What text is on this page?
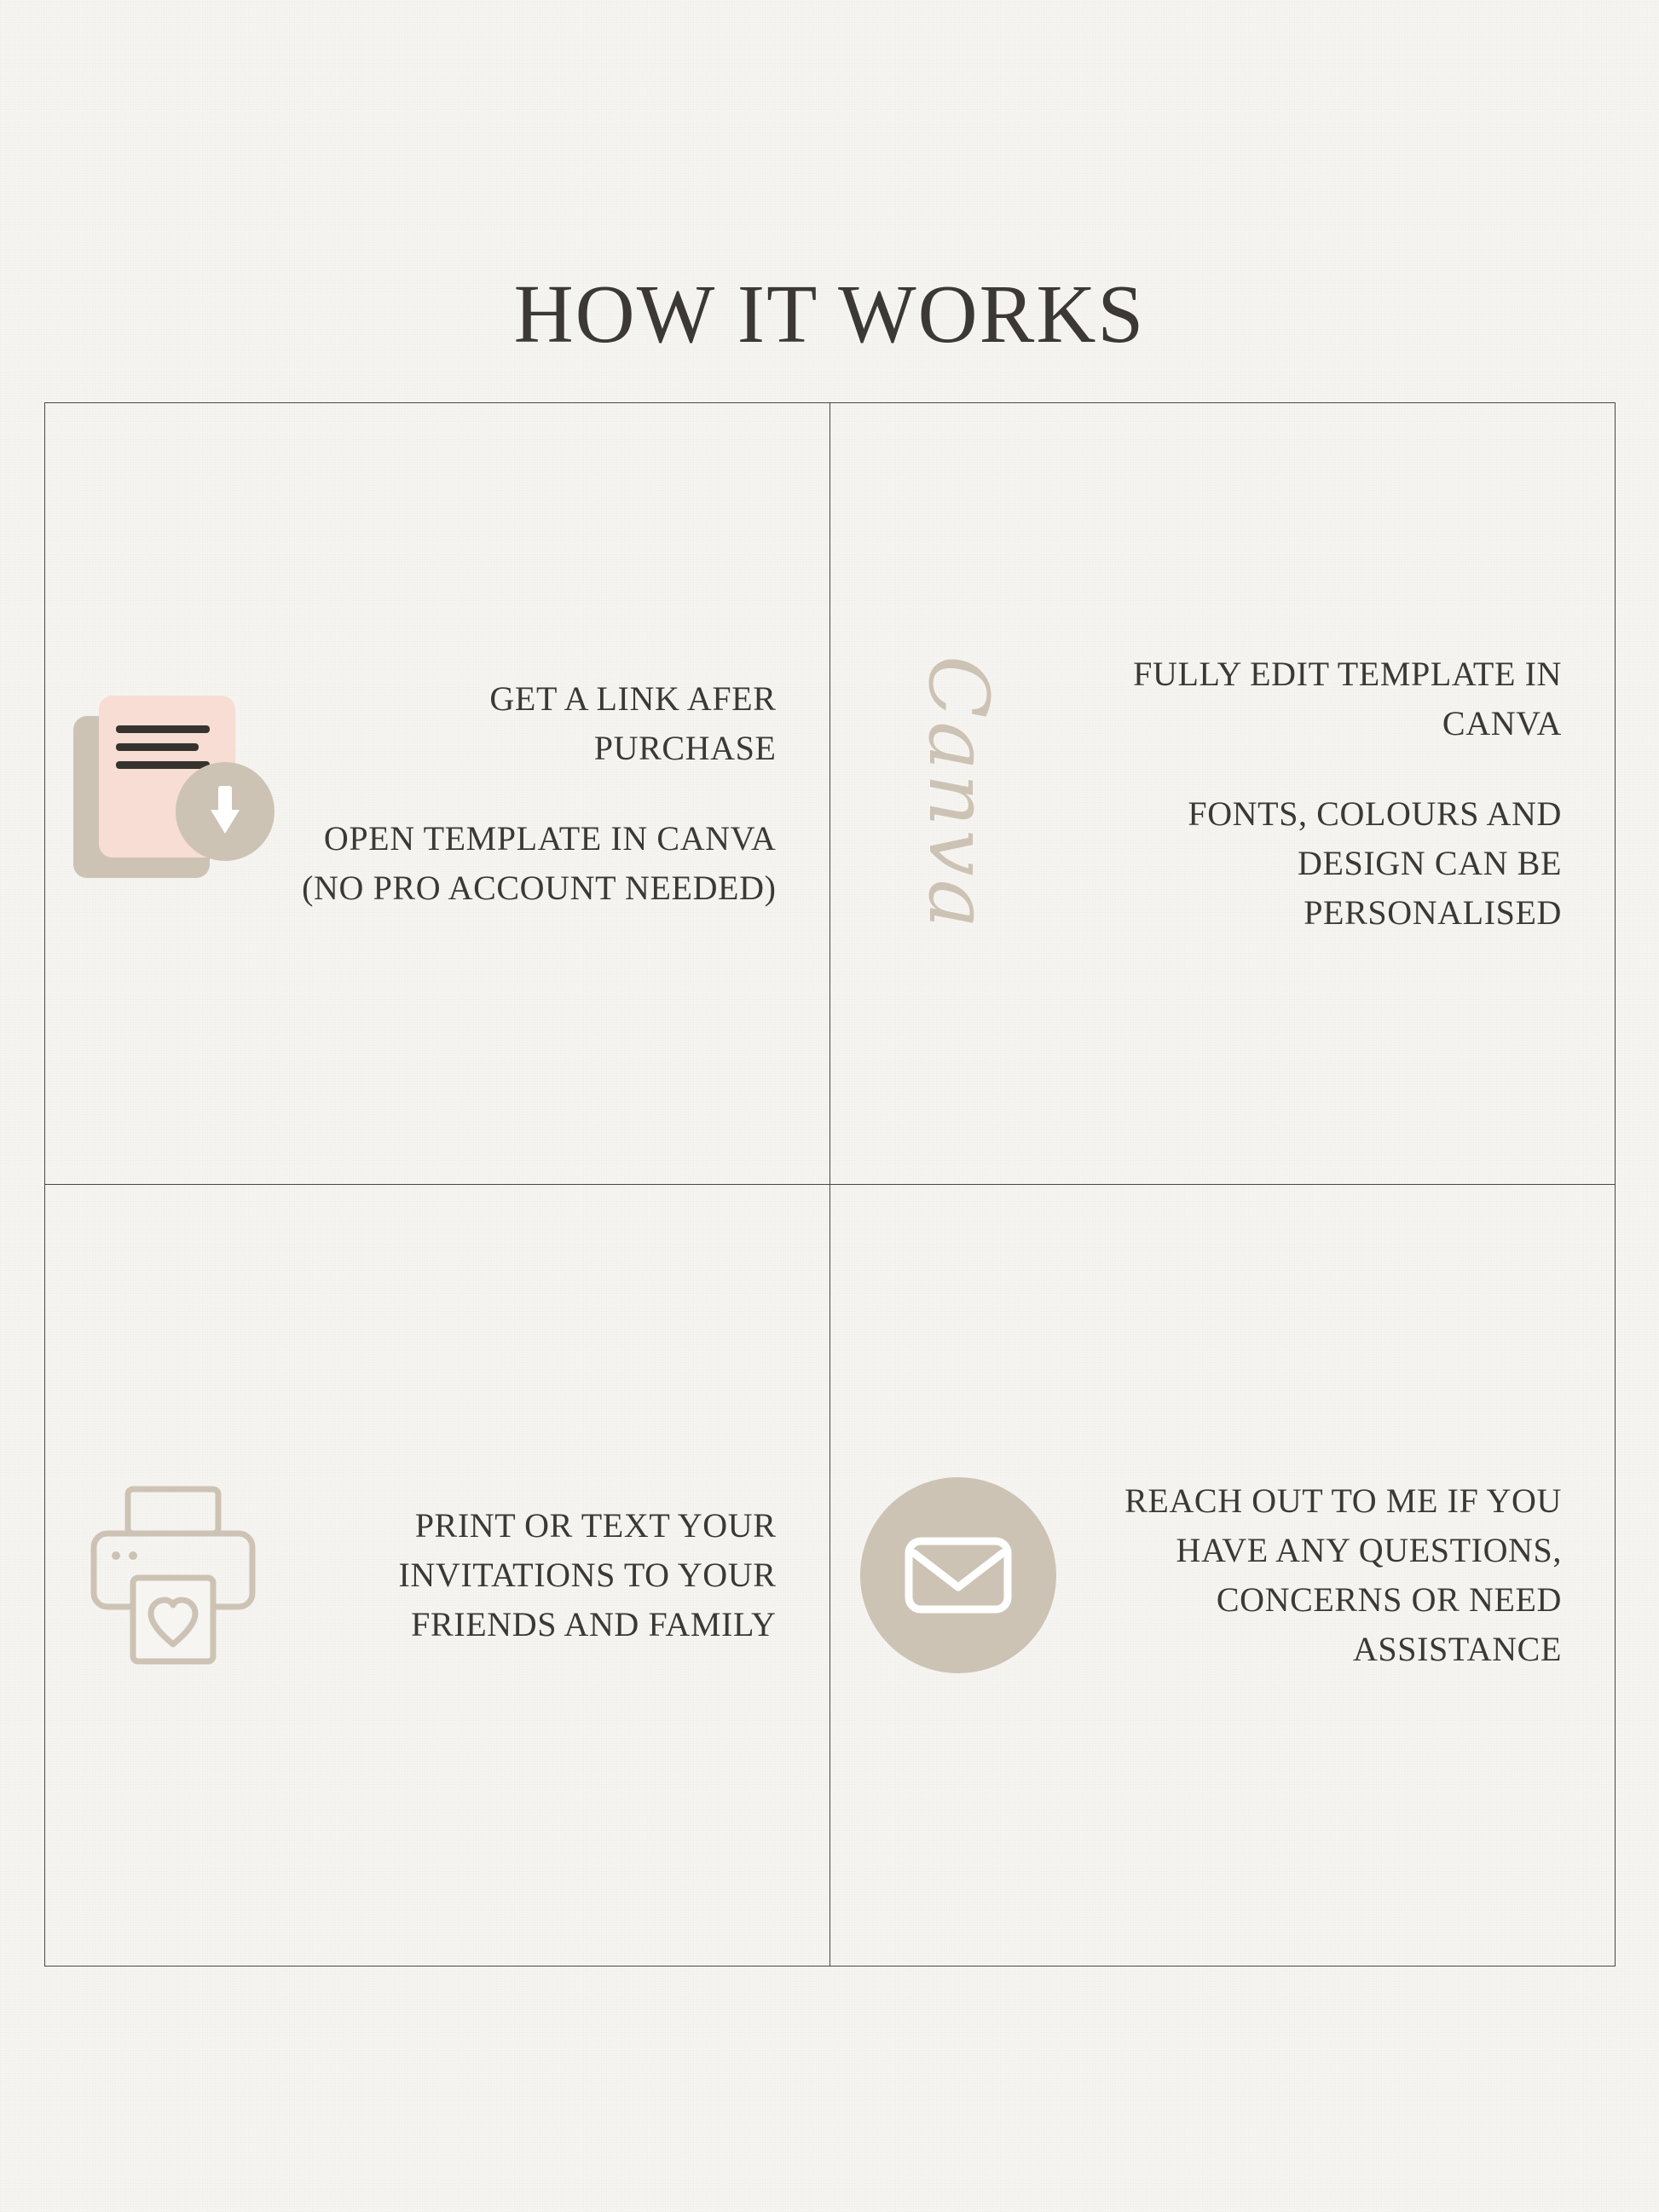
HOW IT WORKS

GET A LINK AFER PURCHASE

OPEN TEMPLATE IN CANVA (NO PRO ACCOUNT NEEDED) Canva	FULLY EDIT TEMPLATE IN CANVA

FONTS, COLOURS AND DESIGN CAN BE PERSONALISED

PRINT OR TEXT YOUR INVITATIONS TO YOUR FRIENDS AND FAMILY

REACH OUT TO ME IF YOU HAVE ANY QUESTIONS, CONCERNS OR NEED ASSISTANCE
